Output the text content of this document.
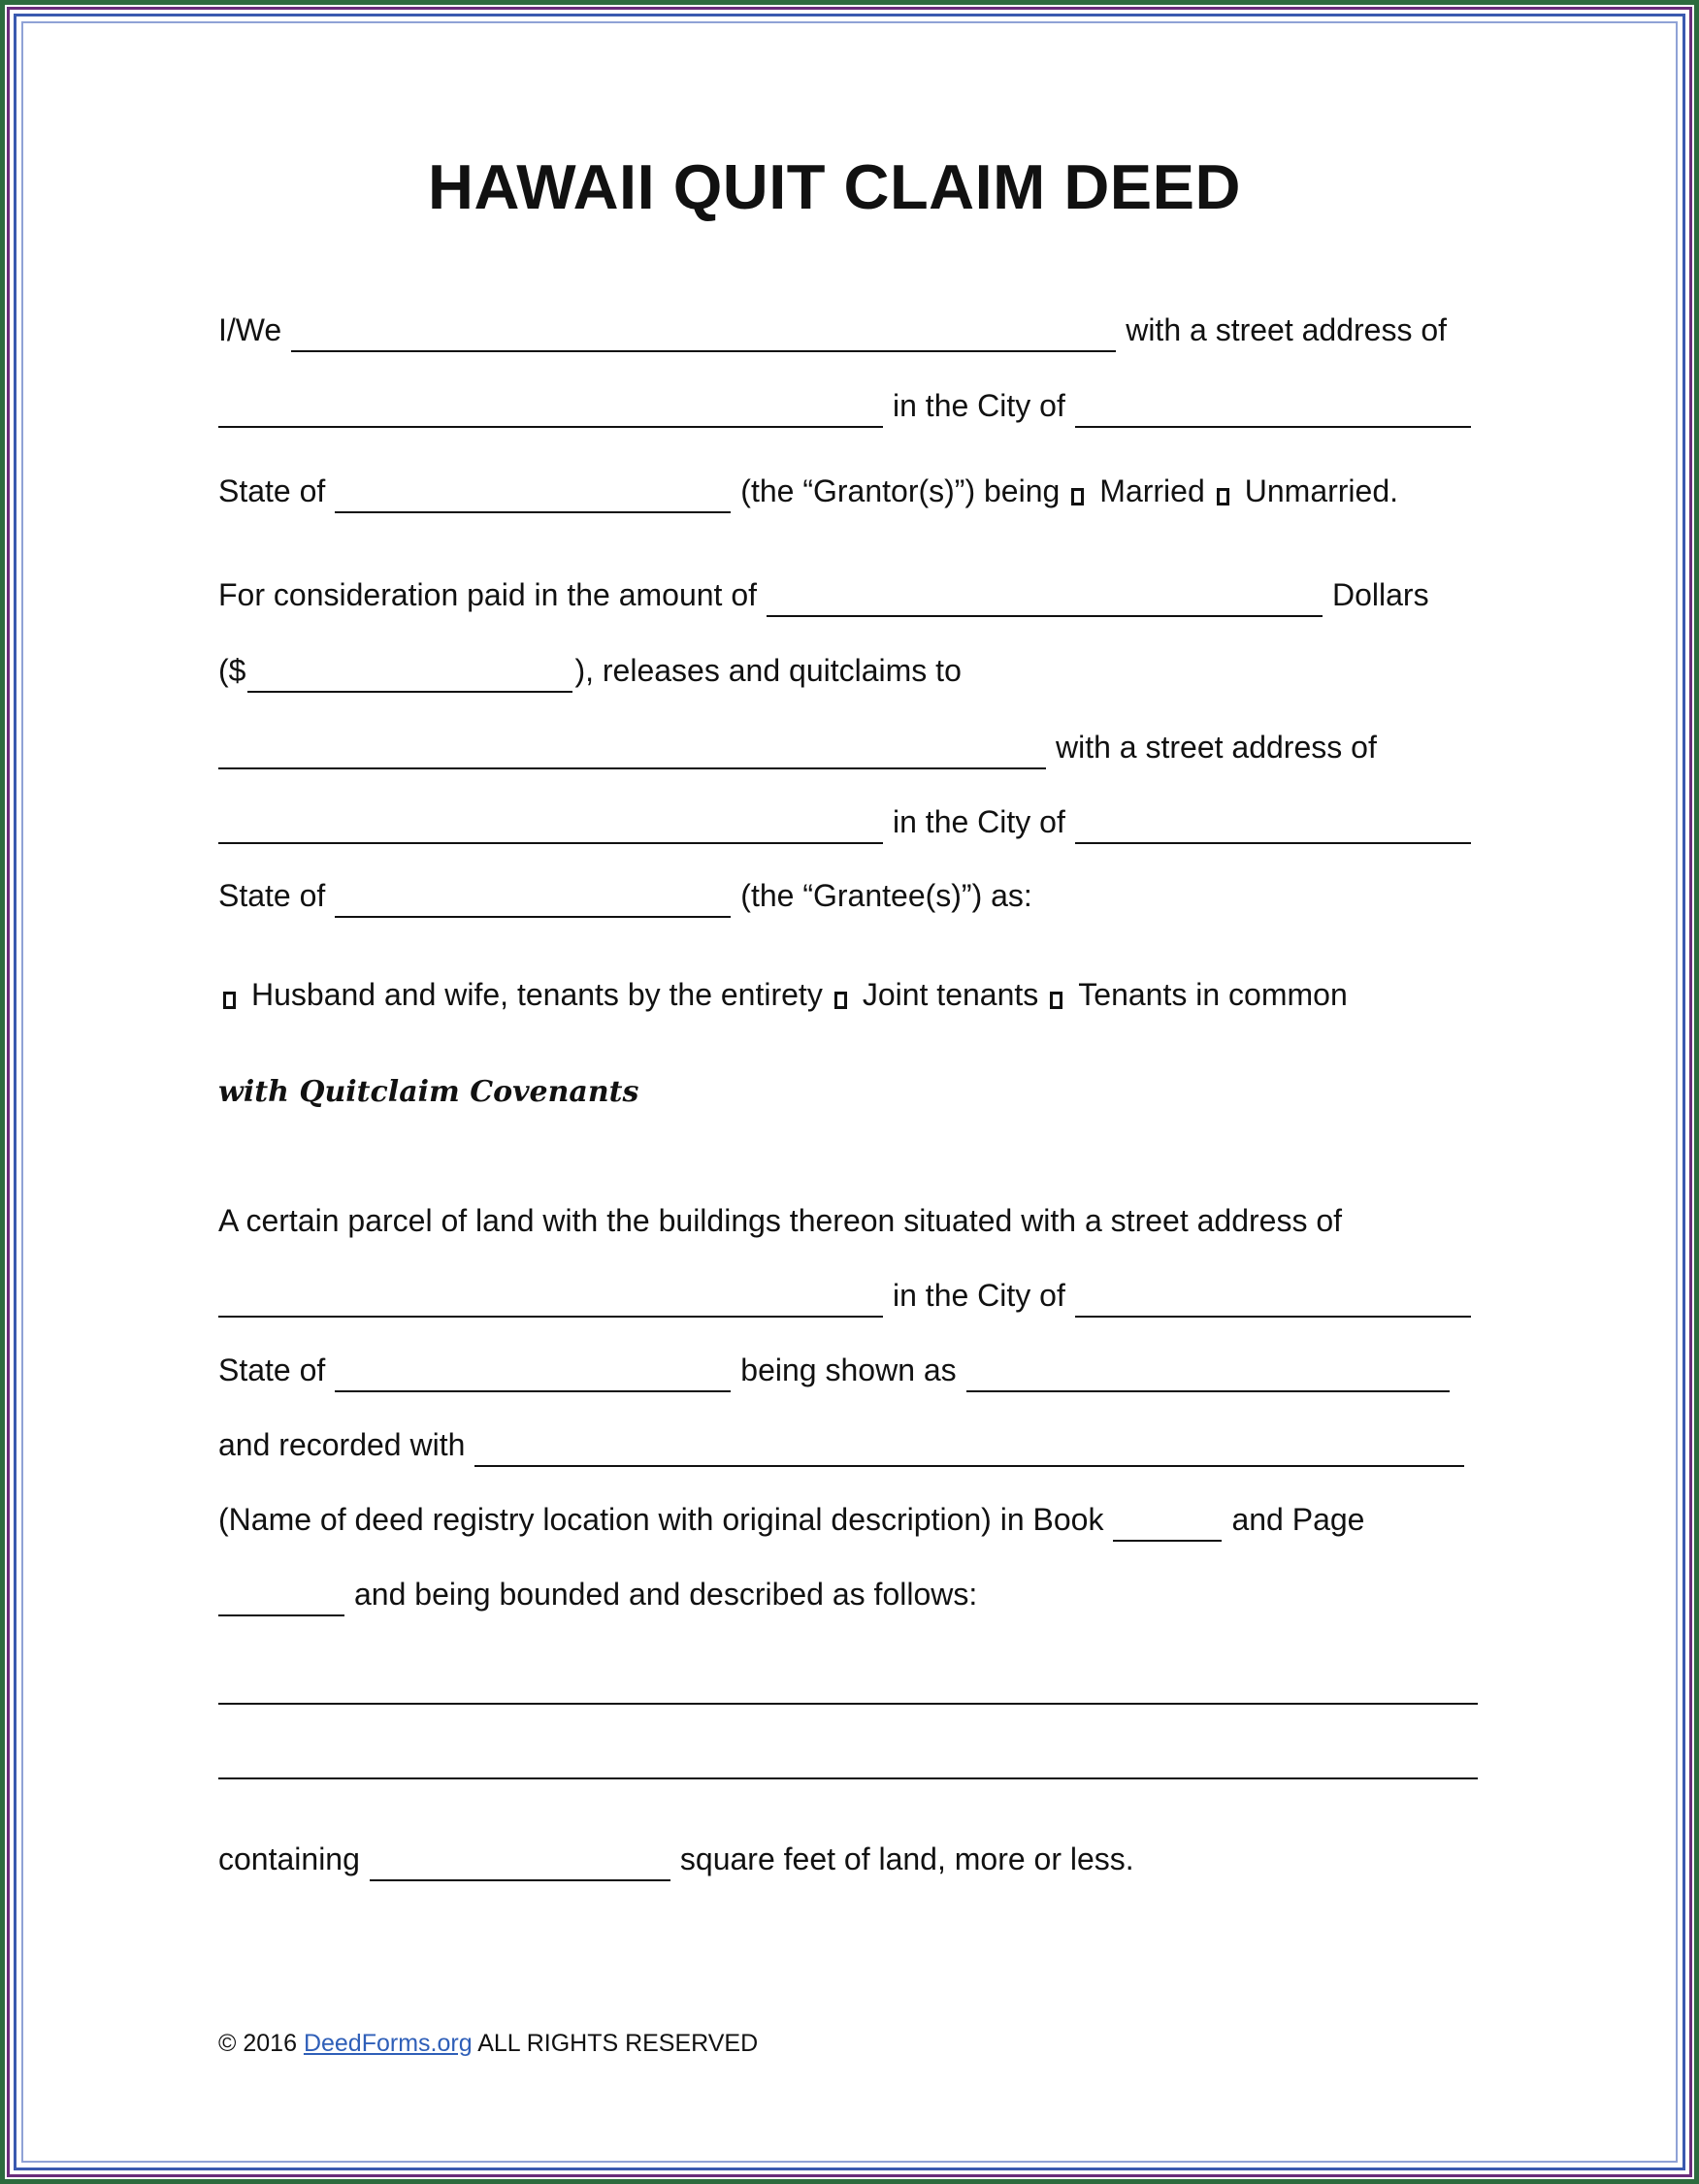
HAWAII QUIT CLAIM DEED
I/We	with a street address of
in the City of
State of	(the “Grantor(s)”) being Married Unmarried.
For consideration paid in the amount of	Dollars
($	), releases and quitclaims to
with a street address of
in the City of
State of	(the “Grantee(s)”) as:
Husband and wife, tenants by the entirety Joint tenants Tenants in common
with Quitclaim Covenants
A certain parcel of land with the buildings thereon situated with a street address of
in the City of
State of	being shown as
and recorded with
(Name of deed registry location with original description) in Book	and Page
and being bounded and described as follows:
containing	square feet of land, more or less.
© 2016 DeedForms.org ALL RIGHTS RESERVED
